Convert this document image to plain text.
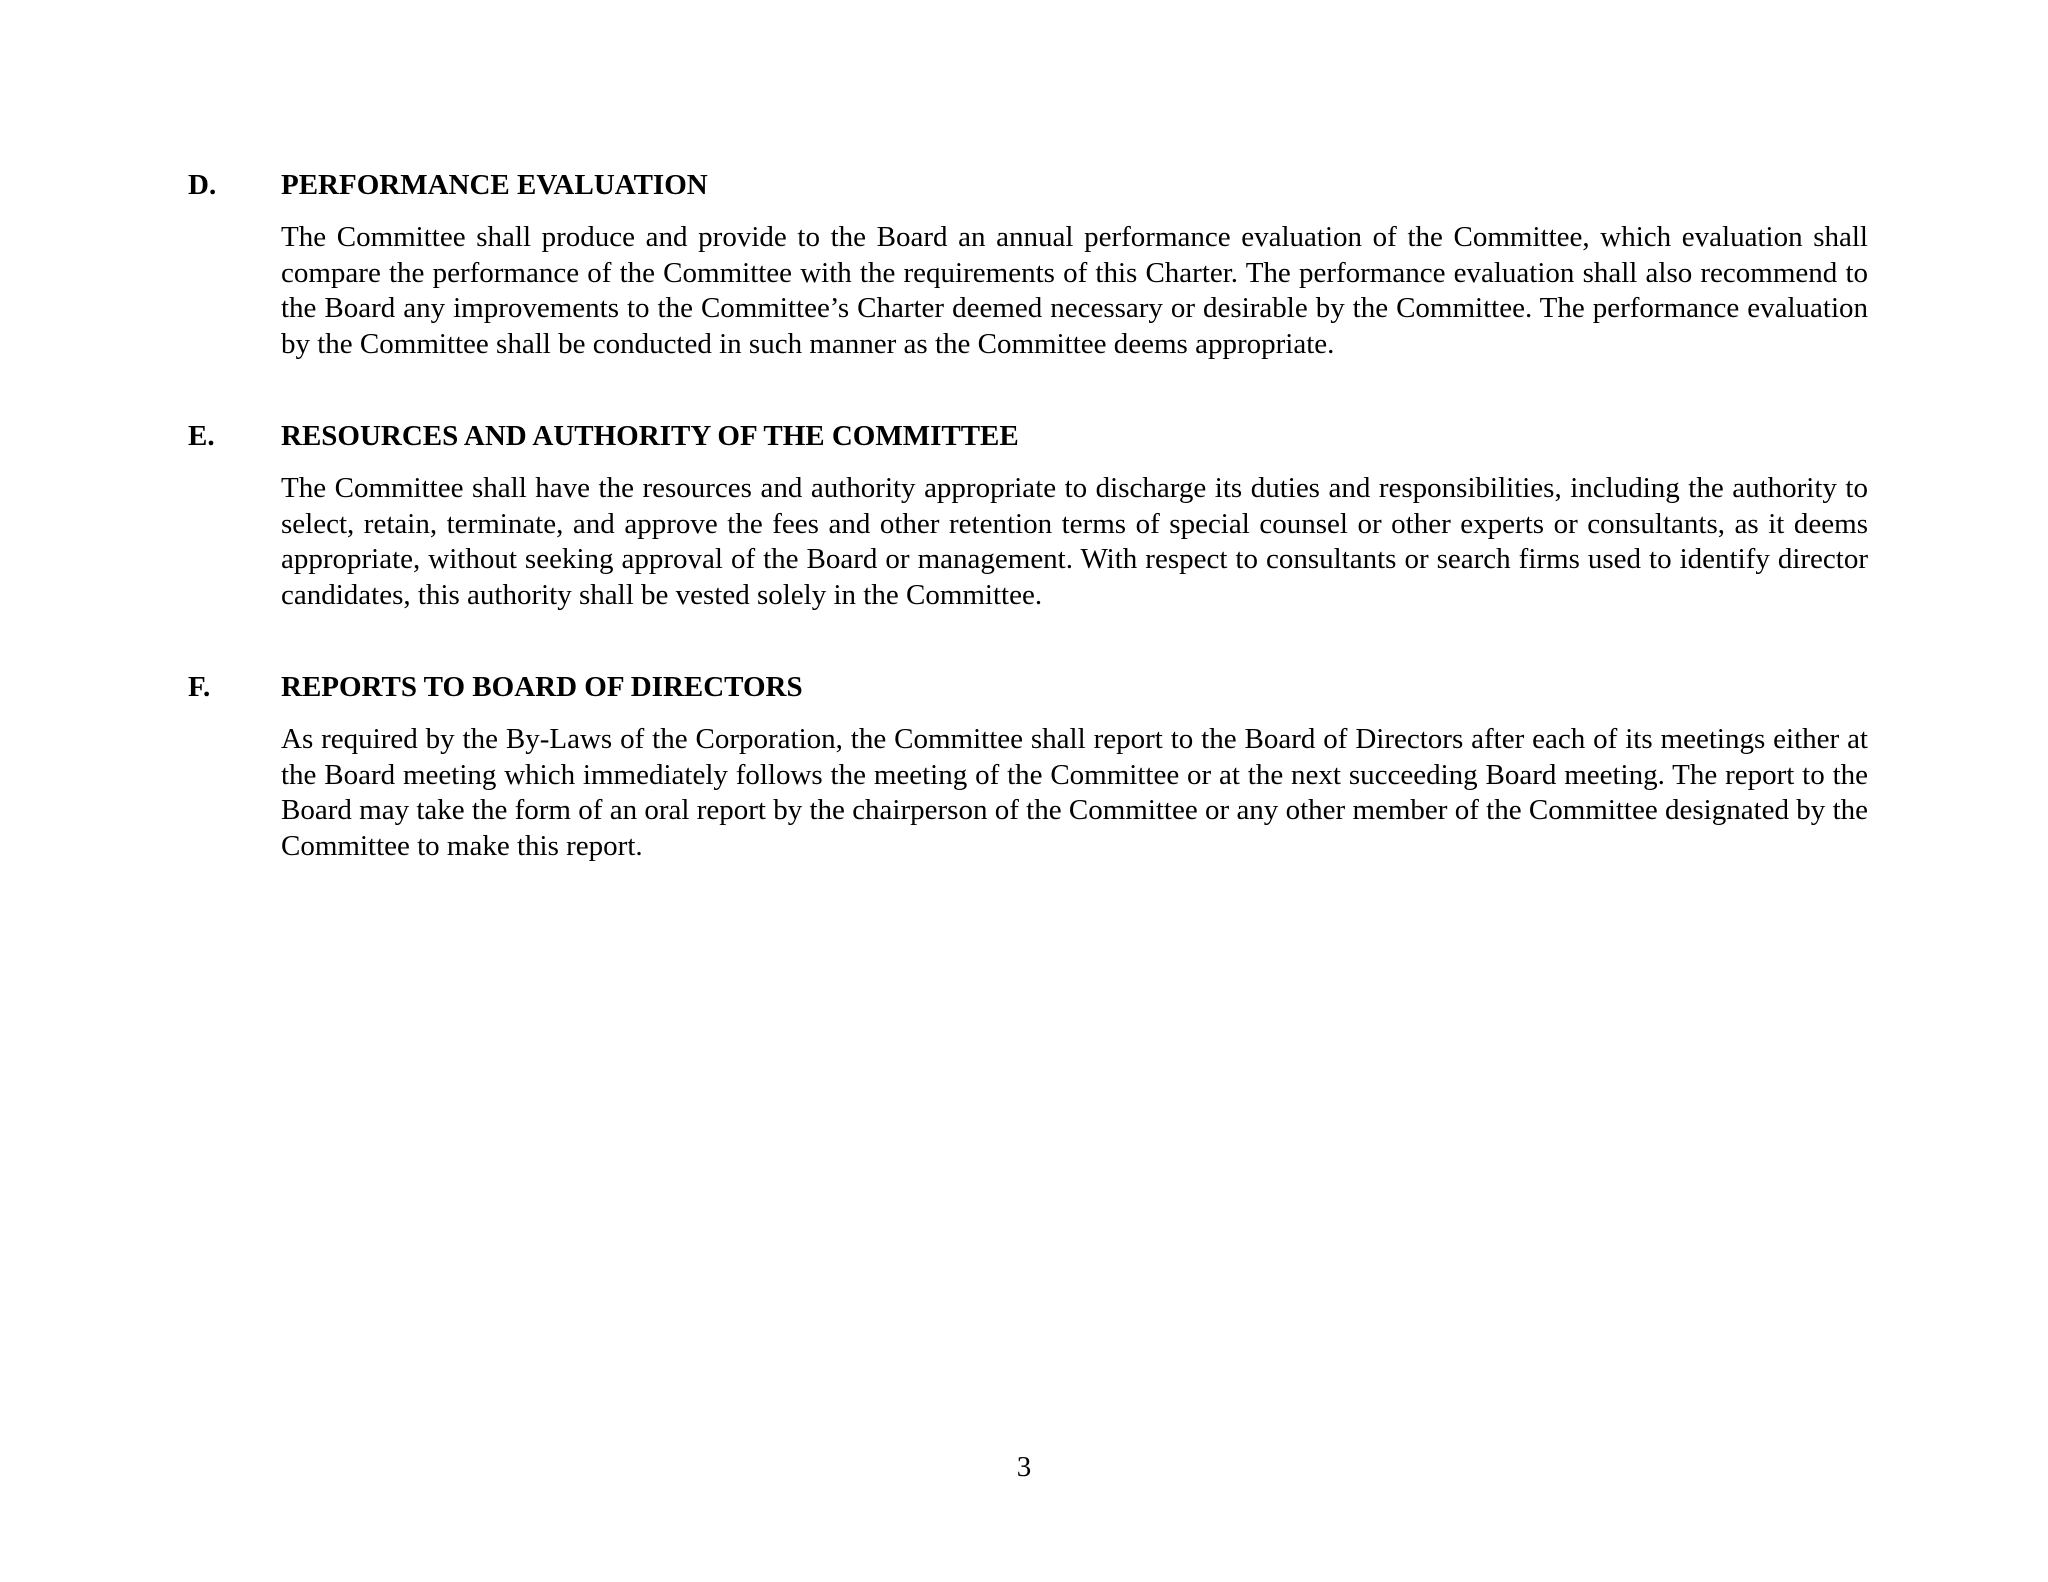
D. PERFORMANCE EVALUATION

The Committee shall produce and provide to the Board an annual performance evaluation of the Committee, which evaluation shall compare the performance of the Committee with the requirements of this Charter. The performance evaluation shall also recommend to the Board any improvements to the Committee’s Charter deemed necessary or desirable by the Committee. The performance evaluation by the Committee shall be conducted in such manner as the Committee deems appropriate.

E. RESOURCES AND AUTHORITY OF THE COMMITTEE

The Committee shall have the resources and authority appropriate to discharge its duties and responsibilities, including the authority to select, retain, terminate, and approve the fees and other retention terms of special counsel or other experts or consultants, as it deems appropriate, without seeking approval of the Board or management. With respect to consultants or search firms used to identify director candidates, this authority shall be vested solely in the Committee.

F. REPORTS TO BOARD OF DIRECTORS

As required by the By-Laws of the Corporation, the Committee shall report to the Board of Directors after each of its meetings either at the Board meeting which immediately follows the meeting of the Committee or at the next succeeding Board meeting. The report to the Board may take the form of an oral report by the chairperson of the Committee or any other member of the Committee designated by the Committee to make this report.

3
